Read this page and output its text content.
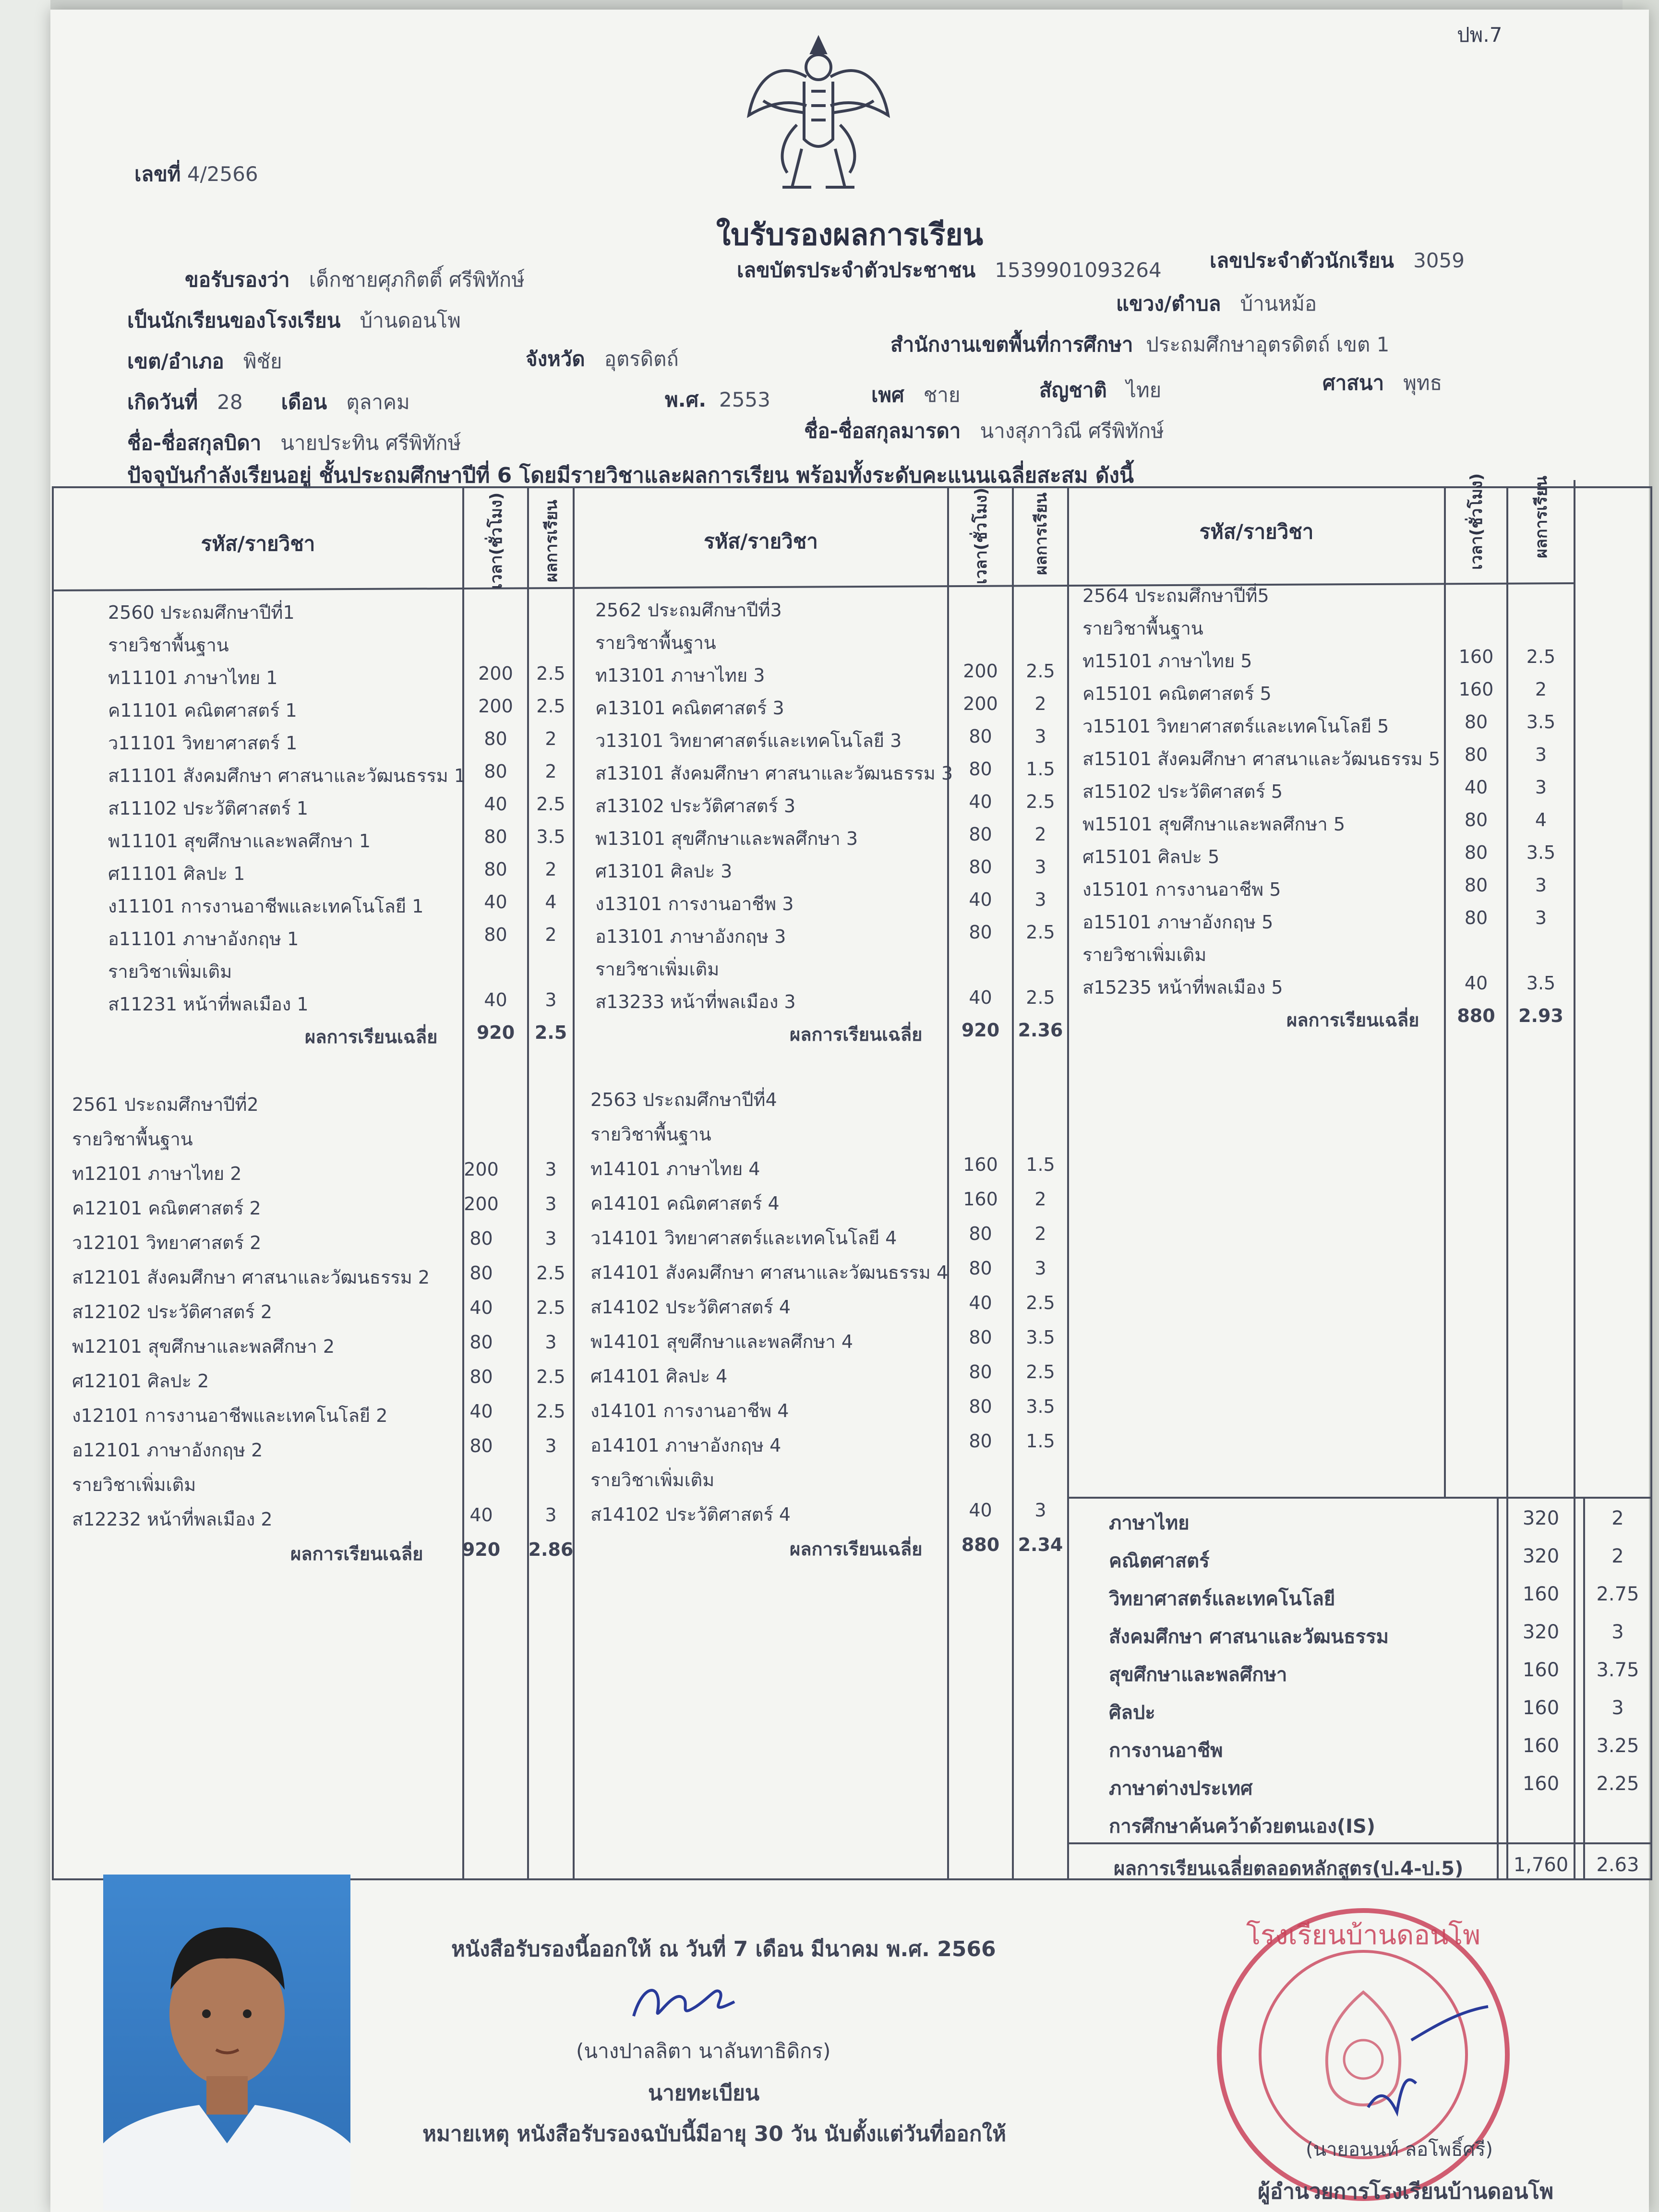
ปพ.7
เลขที่ 4/2566
ใบรับรองผลการเรียน
ขอรับรองว่า เด็กชายศุภกิตติ์ ศรีพิทักษ์	เลขบัตรประจำตัวประชาชน 1539901093264 เลขประจำตัวนักเรียน 3059
เป็นนักเรียนของโรงเรียน บ้านดอนโพ
แขวง/ตำบล บ้านหม้อ
เขต/อำเภอ พิชัย	จังหวัด อุตรดิตถ์
สำนักงานเขตพื้นที่การศึกษา ประถมศึกษาอุตรดิตถ์ เขต 1
เกิดวันที่ 28 เดือน ตุลาคม	พ.ศ. 2553	เพศ ชาย	สัญชาติ ไทย	ศาสนา พุทธ
ชื่อ-ชื่อสกุลบิดา นายประทิน ศรีพิทักษ์
ชื่อ-ชื่อสกุลมารดา นางสุภาวิณี ศรีพิทักษ์
ปัจจุบันกำลังเรียนอยู่ ชั้นประถมศึกษาปีที่ 6 โดยมีรายวิชาและผลการเรียน พร้อมทั้งระดับคะแนนเฉลี่ยสะสม ดังนี้
รหัส/รายวิชา	เวลา(ชั่วโมง) ผลการเรียน	รหัส/รายวิชา	เวลา(ชั่วโมง)	ผลการเรียน	รหัส/รายวิชา	เวลา(ชั่วโมง)	ผลการเรียน
2560 ประถมศึกษาปีที่1
รายวิชาพื้นฐาน
ท11101 ภาษาไทย 1	200	2.5
ค11101 คณิตศาสตร์ 1	200	2.5
ว11101 วิทยาศาสตร์ 1	80	2
ส11101 สังคมศึกษา ศาสนาและวัฒนธรรม 1	80	2
ส11102 ประวัติศาสตร์ 1	40	2.5
พ11101 สุขศึกษาและพลศึกษา 1	80	3.5
ศ11101 ศิลปะ 1	80	2
ง11101 การงานอาชีพและเทคโนโลยี 1	40	4
อ11101 ภาษาอังกฤษ 1	80	2
รายวิชาเพิ่มเติม
ส11231 หน้าที่พลเมือง 1	40	3
ผลการเรียนเฉลี่ย	920	2.5
2561 ประถมศึกษาปีที่2
รายวิชาพื้นฐาน
ท12101 ภาษาไทย 2	200	3
ค12101 คณิตศาสตร์ 2	200	3
ว12101 วิทยาศาสตร์ 2	80	3
ส12101 สังคมศึกษา ศาสนาและวัฒนธรรม 2	80	2.5
ส12102 ประวัติศาสตร์ 2	40	2.5
พ12101 สุขศึกษาและพลศึกษา 2	80	3
ศ12101 ศิลปะ 2	80	2.5
ง12101 การงานอาชีพและเทคโนโลยี 2	40	2.5
อ12101 ภาษาอังกฤษ 2	80	3
รายวิชาเพิ่มเติม
ส12232 หน้าที่พลเมือง 2	40	3
ผลการเรียนเฉลี่ย	920	2.86
2562 ประถมศึกษาปีที่3
รายวิชาพื้นฐาน
ท13101 ภาษาไทย 3	200	2.5
ค13101 คณิตศาสตร์ 3	200	2
ว13101 วิทยาศาสตร์และเทคโนโลยี 3	80	3
ส13101 สังคมศึกษา ศาสนาและวัฒนธรรม 3 80	1.5
ส13102 ประวัติศาสตร์ 3	40	2.5
พ13101 สุขศึกษาและพลศึกษา 3	80	2
ศ13101 ศิลปะ 3	80	3
ง13101 การงานอาชีพ 3	40	3
อ13101 ภาษาอังกฤษ 3	80	2.5
รายวิชาเพิ่มเติม
ส13233 หน้าที่พลเมือง 3	40	2.5
ผลการเรียนเฉลี่ย	920	2.36
2563 ประถมศึกษาปีที่4
รายวิชาพื้นฐาน
ท14101 ภาษาไทย 4	160	1.5
ค14101 คณิตศาสตร์ 4	160	2
ว14101 วิทยาศาสตร์และเทคโนโลยี 4	80	2
ส14101 สังคมศึกษา ศาสนาและวัฒนธรรม 4	80	3
ส14102 ประวัติศาสตร์ 4	40	2.5
พ14101 สุขศึกษาและพลศึกษา 4	80	3.5
ศ14101 ศิลปะ 4	80	2.5
ง14101 การงานอาชีพ 4	80	3.5
อ14101 ภาษาอังกฤษ 4	80	1.5
รายวิชาเพิ่มเติม
ส14102 ประวัติศาสตร์ 4	40	3
ผลการเรียนเฉลี่ย	880	2.34
2564 ประถมศึกษาปีที่5
รายวิชาพื้นฐาน
ท15101 ภาษาไทย 5	160	2.5
ค15101 คณิตศาสตร์ 5	160	2
ว15101 วิทยาศาสตร์และเทคโนโลยี 5	80	3.5
ส15101 สังคมศึกษา ศาสนาและวัฒนธรรม 5	80	3
ส15102 ประวัติศาสตร์ 5	40	3
พ15101 สุขศึกษาและพลศึกษา 5	80	4
ศ15101 ศิลปะ 5	80	3.5
ง15101 การงานอาชีพ 5	80	3
อ15101 ภาษาอังกฤษ 5	80	3
รายวิชาเพิ่มเติม
ส15235 หน้าที่พลเมือง 5	40	3.5
ผลการเรียนเฉลี่ย	880	2.93
ภาษาไทย	320	2
คณิตศาสตร์	320	2
วิทยาศาสตร์และเทคโนโลยี	160	2.75
สังคมศึกษา ศาสนาและวัฒนธรรม	320	3
สุขศึกษาและพลศึกษา	160	3.75
ศิลปะ	160	3
การงานอาชีพ	160	3.25
ภาษาต่างประเทศ	160	2.25
การศึกษาค้นคว้าด้วยตนเอง(IS)
ผลการเรียนเฉลี่ยตลอดหลักสูตร(ป.4-ป.5)	1,760	2.63
หนังสือรับรองนี้ออกให้ ณ วันที่ 7 เดือน มีนาคม พ.ศ. 2566
(นางปาลลิตา นาลันทาธิดิกร)
นายทะเบียน
หมายเหตุ หนังสือรับรองฉบับนี้มีอายุ 30 วัน นับตั้งแต่วันที่ออกให้
โรงเรียนบ้านดอนโพ
(นายอนนท์ ลอโพธิ์ศรี)
ผู้อำนวยการโรงเรียนบ้านดอนโพ
